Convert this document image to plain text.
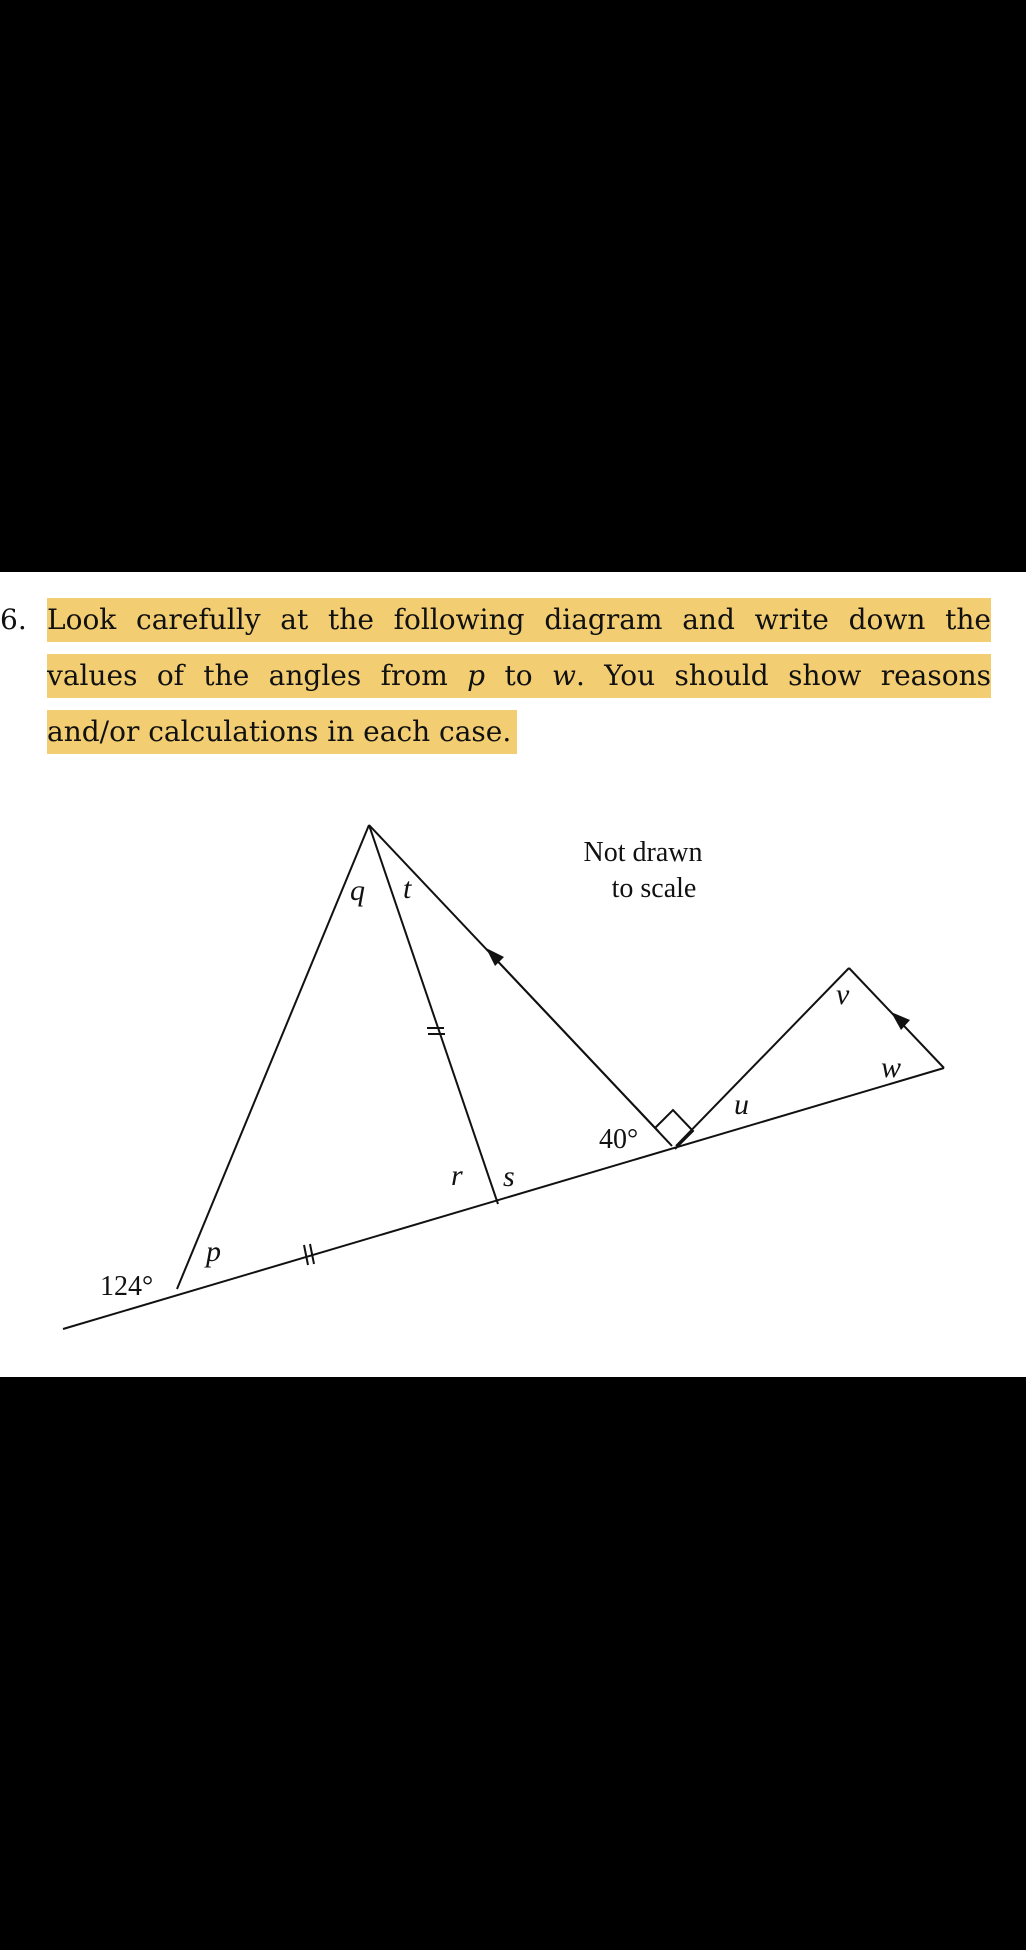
6. Look carefully at the following diagram and write down the
values of the angles from p to w. You should show reasons
and/or calculations in each case.
Not drawn
to scale
124°
40°
p
q t
r s
u
v
w
